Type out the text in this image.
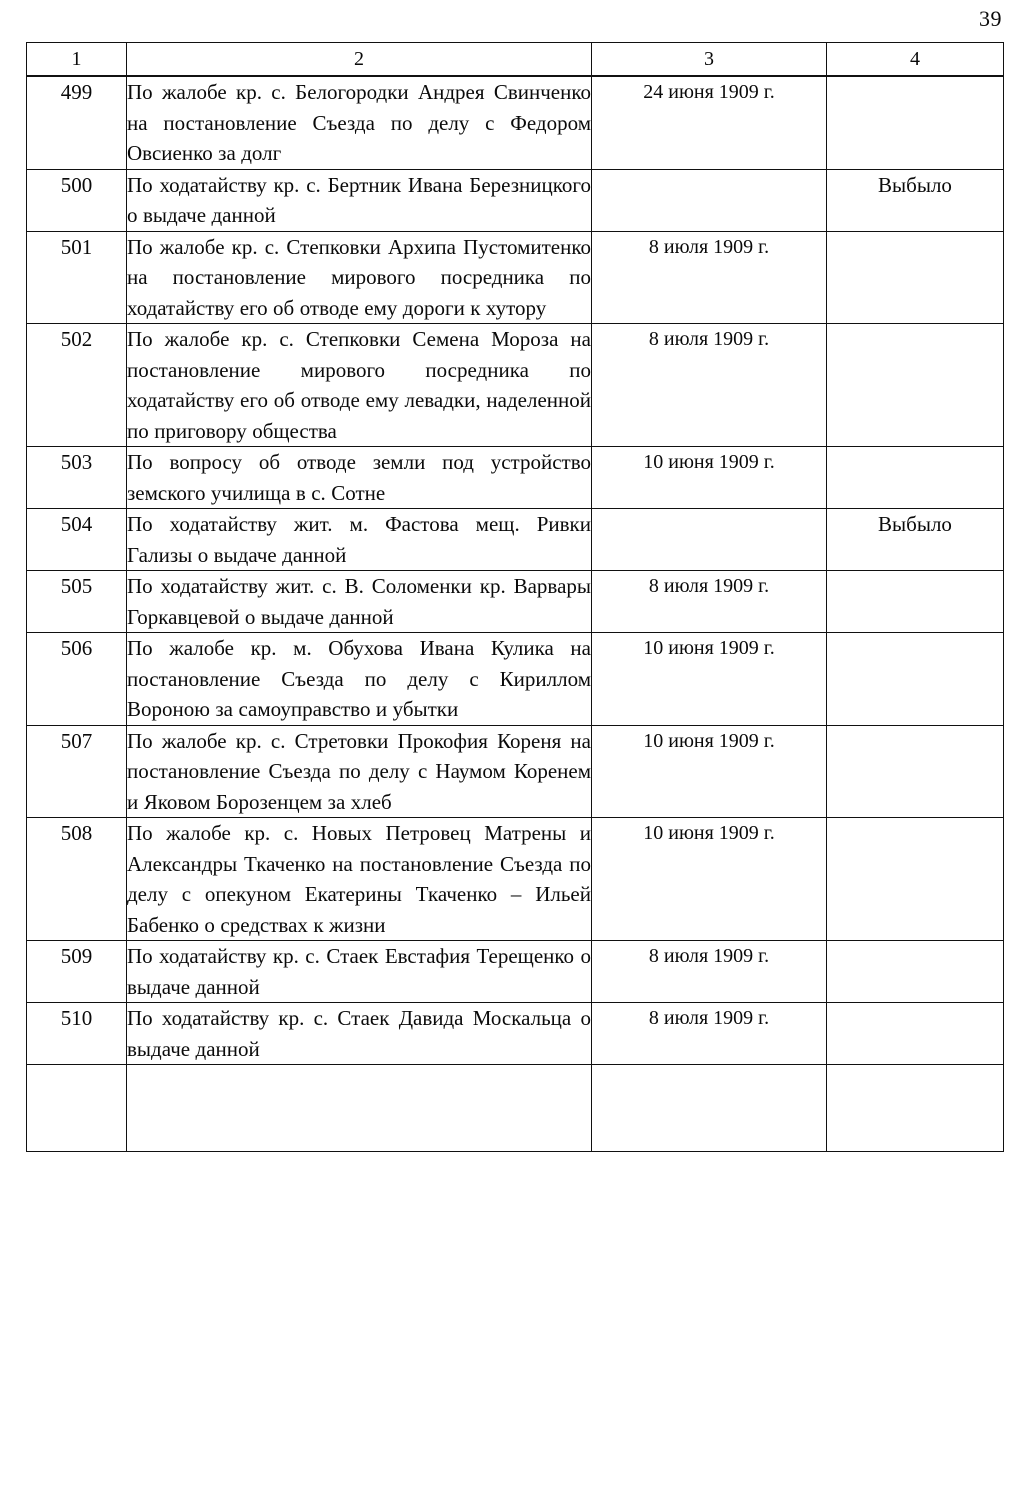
39
1	2	3	4
499	По жалобе кр. с. Белогородки Андрея Свинченко на постановление Съезда по делу с Федором Овсиенко за долг	24 июня 1909 г.	
500	По ходатайству кр. с. Бертник Ивана Березницкого о выдаче данной		Выбыло
501	По жалобе кр. с. Степковки Архипа Пустомитенко на постановление мирового посредника по ходатайству его об отводе ему дороги к хутору	8 июля 1909 г.	
502	По жалобе кр. с. Степковки Семена Мороза на постановление мирового посредника по ходатайству его об отводе ему левадки, наделенной по приговору общества	8 июля 1909 г.	
503	По вопросу об отводе земли под устройство земского училища в с. Сотне	10 июня 1909 г.	
504	По ходатайству жит. м. Фастова мещ. Ривки Гализы о выдаче данной		Выбыло
505	По ходатайству жит. с. В. Соломенки кр. Варвары Горкавцевой о выдаче данной	8 июля 1909 г.	
506	По жалобе кр. м. Обухова Ивана Кулика на постановление Съезда по делу с Кириллом Вороною за самоуправство и убытки	10 июня 1909 г.	
507	По жалобе кр. с. Стретовки Прокофия Кореня на постановление Съезда по делу с Наумом Коренем и Яковом Борозенцем за хлеб	10 июня 1909 г.	
508	По жалобе кр. с. Новых Петровец Матрены и Александры Ткаченко на постановление Съезда по делу с опекуном Екатерины Ткаченко – Ильей Бабенко о средствах к жизни	10 июня 1909 г.	
509	По ходатайству кр. с. Стаек Евстафия Терещенко о выдаче данной	8 июля 1909 г.	
510	По ходатайству кр. с. Стаек Давида Москальца о выдаче данной	8 июля 1909 г.	
